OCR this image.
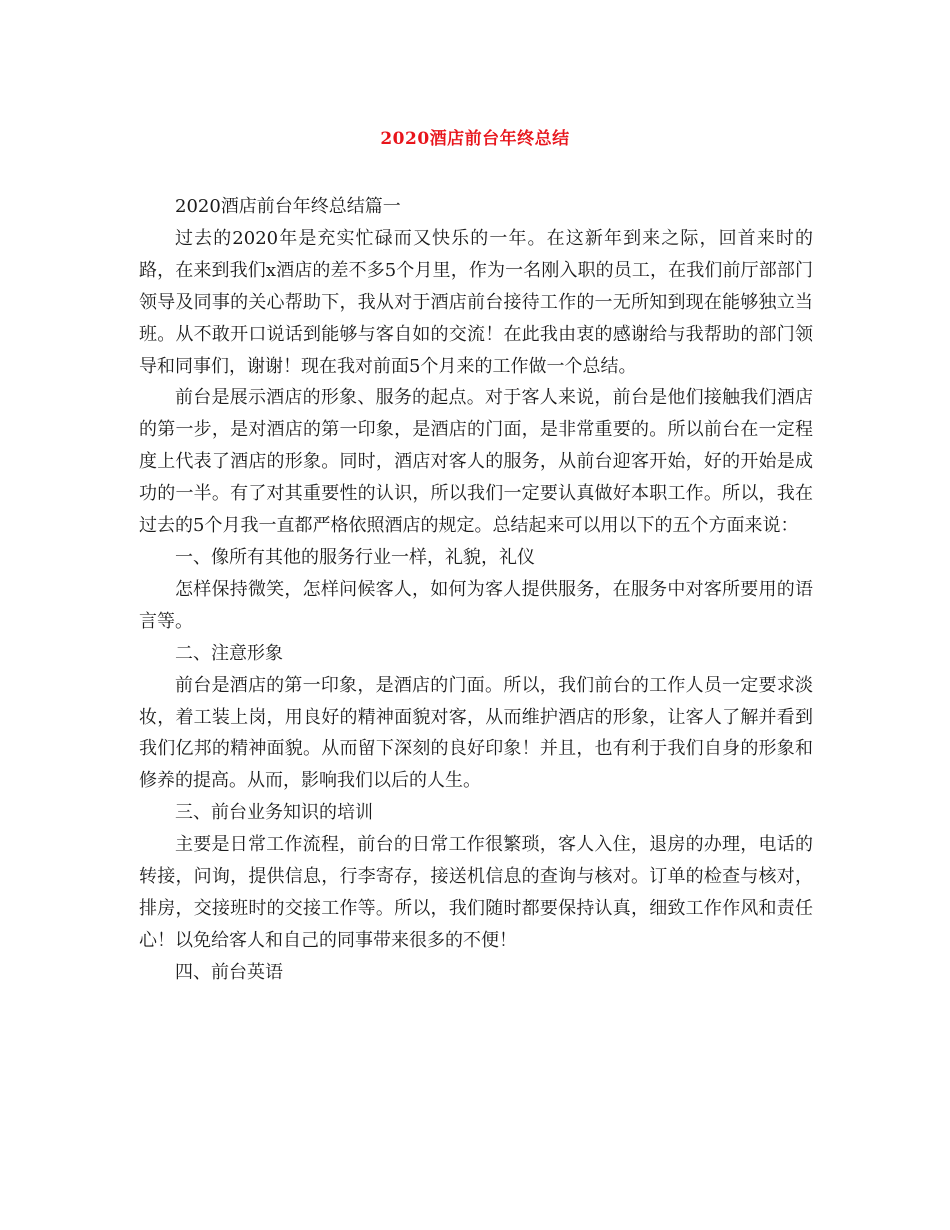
2020酒店前台年终总结

2020酒店前台年终总结篇一

过去的2020年是充实忙碌而又快乐的一年。在这新年到来之际，回首来时的路，在来到我们x酒店的差不多5个月里，作为一名刚入职的员工，在我们前厅部部门领导及同事的关心帮助下，我从对于酒店前台接待工作的一无所知到现在能够独立当班。从不敢开口说话到能够与客自如的交流！在此我由衷的感谢给与我帮助的部门领导和同事们，谢谢！现在我对前面5个月来的工作做一个总结。

前台是展示酒店的形象、服务的起点。对于客人来说，前台是他们接触我们酒店的第一步，是对酒店的第一印象，是酒店的门面，是非常重要的。所以前台在一定程度上代表了酒店的形象。同时，酒店对客人的服务，从前台迎客开始，好的开始是成功的一半。有了对其重要性的认识，所以我们一定要认真做好本职工作。所以，我在过去的5个月我一直都严格依照酒店的规定。总结起来可以用以下的五个方面来说：

一、像所有其他的服务行业一样，礼貌，礼仪

怎样保持微笑，怎样问候客人，如何为客人提供服务，在服务中对客所要用的语言等。

二、注意形象

前台是酒店的第一印象，是酒店的门面。所以，我们前台的工作人员一定要求淡妆，着工装上岗，用良好的精神面貌对客，从而维护酒店的形象，让客人了解并看到我们亿邦的精神面貌。从而留下深刻的良好印象！并且，也有利于我们自身的形象和修养的提高。从而，影响我们以后的人生。

三、前台业务知识的培训

主要是日常工作流程，前台的日常工作很繁琐，客人入住，退房的办理，电话的转接，问询，提供信息，行李寄存，接送机信息的查询与核对。订单的检查与核对，排房，交接班时的交接工作等。所以，我们随时都要保持认真，细致工作作风和责任心！以免给客人和自己的同事带来很多的不便！

四、前台英语
